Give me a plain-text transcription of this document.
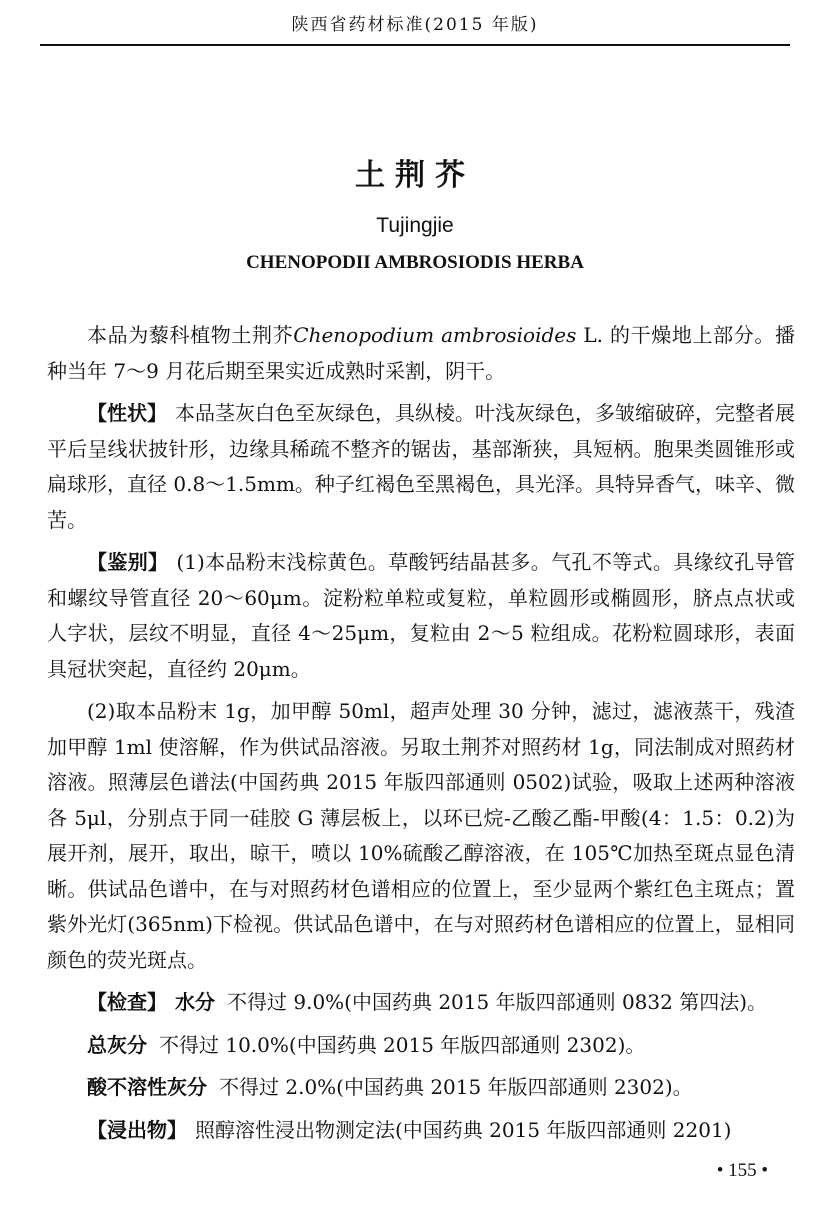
陕西省药材标准(2015 年版)
土荆芥
Tujingjie
CHENOPODII AMBROSIODIS HERBA

本品为藜科植物土荆芥Chenopodium ambrosioides L. 的干燥地上部分。播种当年 7～9 月花后期至果实近成熟时采割，阴干。

【性状】 本品茎灰白色至灰绿色，具纵棱。叶浅灰绿色，多皱缩破碎，完整者展平后呈线状披针形，边缘具稀疏不整齐的锯齿，基部渐狭，具短柄。胞果类圆锥形或扁球形，直径 0.8～1.5mm。种子红褐色至黑褐色，具光泽。具特异香气，味辛、微苦。

【鉴别】 (1)本品粉末浅棕黄色。草酸钙结晶甚多。气孔不等式。具缘纹孔导管和螺纹导管直径 20～60μm。淀粉粒单粒或复粒，单粒圆形或椭圆形，脐点点状或人字状，层纹不明显，直径 4～25μm，复粒由 2～5 粒组成。花粉粒圆球形，表面具冠状突起，直径约 20μm。

(2)取本品粉末 1g，加甲醇 50ml，超声处理 30 分钟，滤过，滤液蒸干，残渣加甲醇 1ml 使溶解，作为供试品溶液。另取土荆芥对照药材 1g，同法制成对照药材溶液。照薄层色谱法(中国药典 2015 年版四部通则 0502)试验，吸取上述两种溶液各 5μl，分别点于同一硅胶 G 薄层板上，以环已烷-乙酸乙酯-甲酸(4：1.5：0.2)为展开剂，展开，取出，晾干，喷以 10%硫酸乙醇溶液，在 105℃加热至斑点显色清晰。供试品色谱中，在与对照药材色谱相应的位置上，至少显两个紫红色主斑点；置紫外光灯(365nm)下检视。供试品色谱中，在与对照药材色谱相应的位置上，显相同颜色的荧光斑点。

【检查】 水分 不得过 9.0%(中国药典 2015 年版四部通则 0832 第四法)。

总灰分 不得过 10.0%(中国药典 2015 年版四部通则 2302)。

酸不溶性灰分 不得过 2.0%(中国药典 2015 年版四部通则 2302)。

【浸出物】 照醇溶性浸出物测定法(中国药典 2015 年版四部通则 2201)

• 155 •
